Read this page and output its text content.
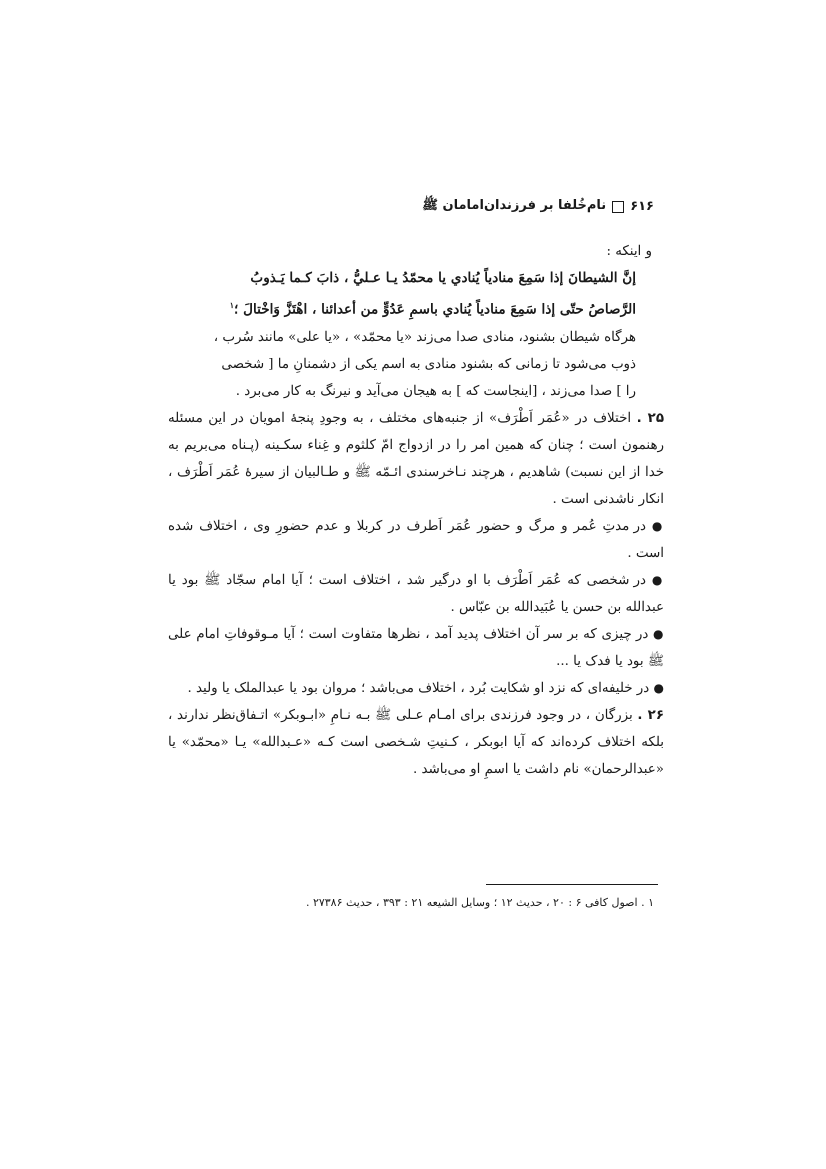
۶۱۶
نام‌خُلفا بر فرزندان‌امامان ﷺ

و اینکه :

إنَّ الشيطانَ إذا سَمِعَ منادياً يُنادي يا محمّدُ يـا عـليُّ ، ذابَ كـما يَـذوبُ

الرَّصاصُ حتّى إذا سَمِعَ منادياً يُنادي باسمِ عَدُوٍّ من أعدائنا ، اهْتَزَّ وَاخْتالَ ؛$^۱$

هرگاه شیطان بشنود، منادی صدا می‌زند «یا محمّد» ، «یا علی» مانند سُرب ،

ذوب می‌شود تا زمانی که بشنود منادی به اسم یکی از دشمنانِ ما [ شخصی

را ] صدا می‌زند ، [اینجاست که ] به هیجان می‌آید و نیرنگ به کار می‌برد .

۲۵ . اختلاف در «عُمَر اَطْرَف» از جنبه‌های مختلف ، به وجودِ پنجهٔ امویان در این مسئله رهنمون است ؛ چنان که همین امر را در ازدواج امّ کلثوم و غِناء سکـینه (پـناه می‌بریم به خدا از این نسبت) شاهدیم ، هرچند نـاخرسندی ائـمّه ﷺ و طـالبیان از سیرهٔ عُمَر اَطْرَف ، انکار ناشدنی است .

● در مدتِ عُمر و مرگ و حضور عُمَر اَطرف در کربلا و عدم حضورِ وی ، اختلاف شده است .

● در شخصی که عُمَر اَطْرَف با او درگیر شد ، اختلاف است ؛ آیا امام سجّاد ﷺ بود یا عبدالله بن حسن یا عُبَیدالله بن عبّاس .

● در چیزی که بر سر آن اختلاف پدید آمد ، نظرها متفاوت است ؛ آیا مـوقوفاتِ امام علی ﷺ بود یا فدک یا ...

● در خلیفه‌ای که نزد او شکایت بُرد ، اختلاف می‌باشد ؛ مروان بود یا عبدالملک یا ولید .

۲۶ . بزرگان ، در وجود فرزندی برای امـام عـلی ﷺ بـه نـامِ «ابـوبکر» اتـفاق‌نظر ندارند ، بلکه اختلاف کرده‌اند که آیا ابوبکر ، کـنیتِ شـخصی است کـه «عـبدالله» یـا «محمّد» یا «عبدالرحمان» نام داشت یا اسمِ او می‌باشد .

۱ . اصول کافی ۶ : ۲۰ ، حدیث ۱۲ ؛ وسایل الشیعه ۲۱ : ۳۹۳ ، حدیث ۲۷۳۸۶ .
